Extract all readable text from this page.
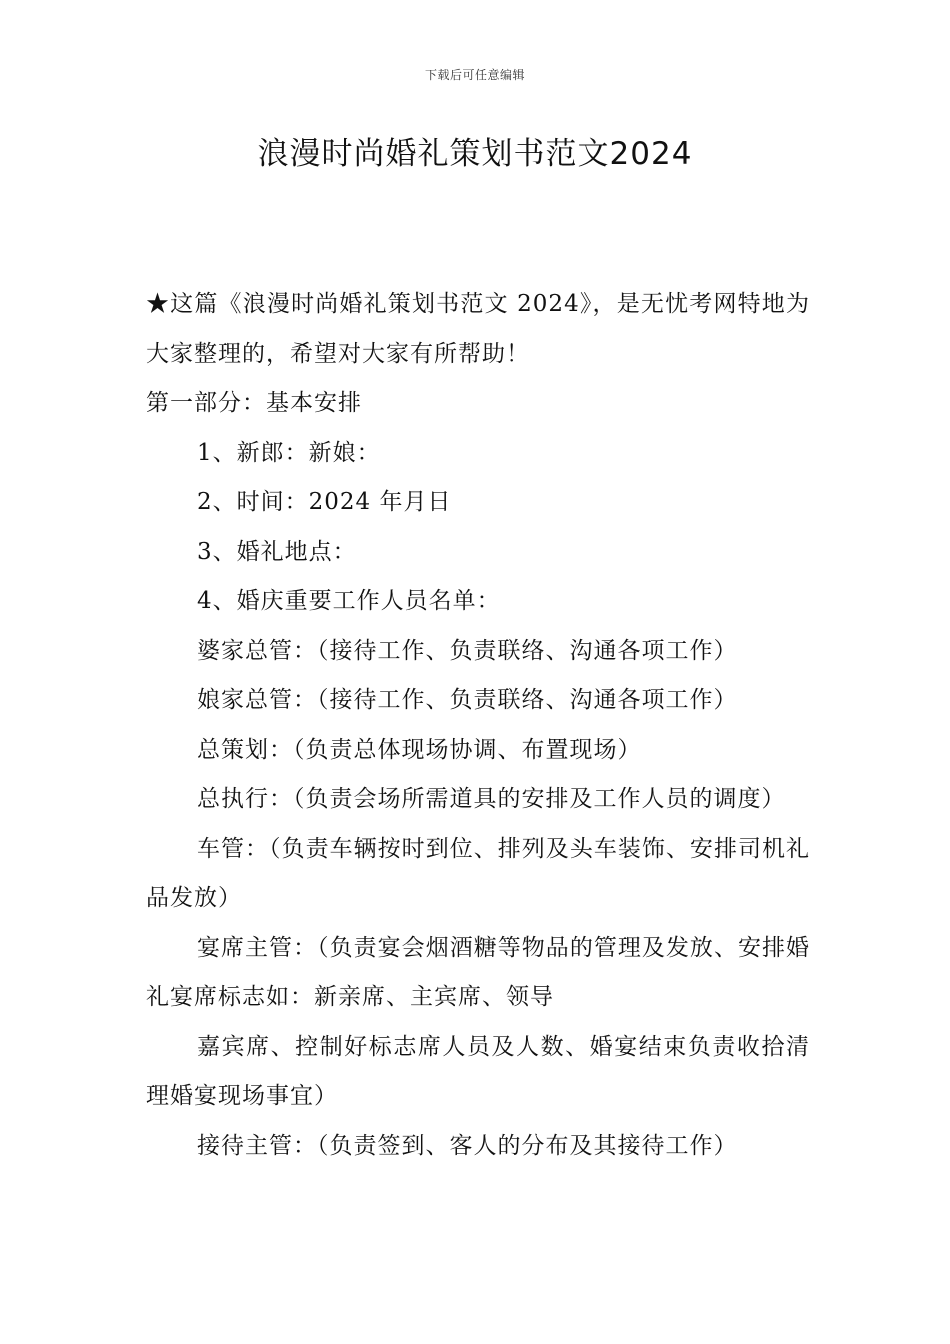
下载后可任意编辑
浪漫时尚婚礼策划书范文2024

★这篇《浪漫时尚婚礼策划书范文 2024》，是无忧考网特地为大家整理的，希望对大家有所帮助！

第一部分：基本安排

1、新郎：新娘：

2、时间：2024 年月日

3、婚礼地点：

4、婚庆重要工作人员名单：

婆家总管：（接待工作、负责联络、沟通各项工作）

娘家总管：（接待工作、负责联络、沟通各项工作）

总策划：（负责总体现场协调、布置现场）

总执行：（负责会场所需道具的安排及工作人员的调度）

车管：（负责车辆按时到位、排列及头车装饰、安排司机礼品发放）

宴席主管：（负责宴会烟酒糖等物品的管理及发放、安排婚礼宴席标志如：新亲席、主宾席、领导

嘉宾席、控制好标志席人员及人数、婚宴结束负责收拾清理婚宴现场事宜）

接待主管：（负责签到、客人的分布及其接待工作）
